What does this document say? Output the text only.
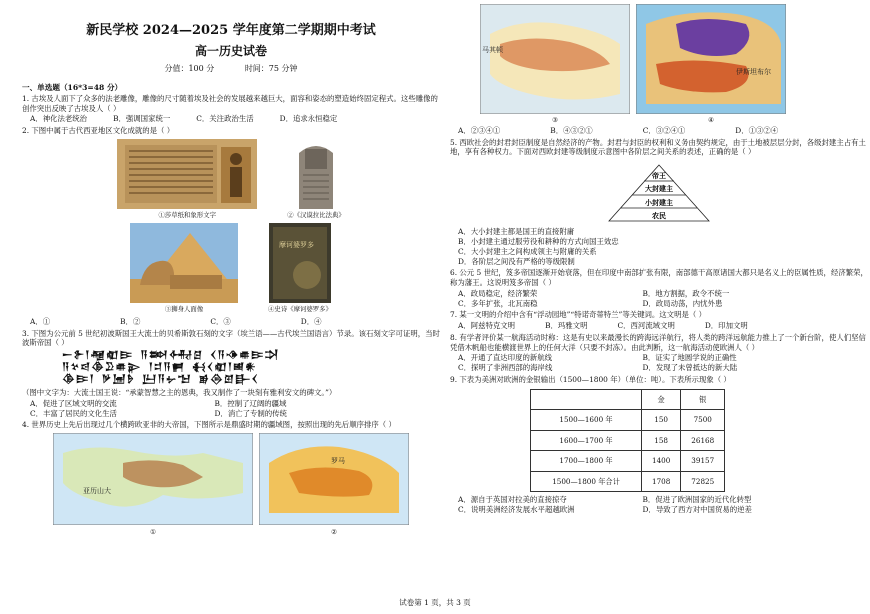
新民学校 2024—2025 学年度第二学期期中考试
高一历史试卷
分值：100 分	时间：75 分钟
一、单选题（16*3=48 分）
1. 古埃及人面下了众多的法老雕像，雕像的尺寸随着埃及社会的发展越来越巨大，面容和姿态的塑造始终固定程式。这些雕像的创作突出反映了古埃及人（ ）
A．神化法老统治	B．强调国家统一	C．关注政治生活	D．追求永恒稳定
2. 下图中属于古代西亚地区文化成就的是（ ）
①莎草纸和象形文字	②《汉谟拉比法典》
③狮身人面像
摩诃婆罗多
④史诗《摩诃婆罗多》
A．①	B．②	C．③	D．④
3. 下图为公元前 5 世纪初波斯国王大流士的贝希斯敦石刻的文字（埃兰语——古代埃兰国语言）节录。该石刻文字可证明，当时波斯帝国（ ）
𒀸𒉿𒁹𒆷𒊏𒄿 𒀀𒇷𒅈𒆪 𒌋𒀀𒈾𒌑𒄿𒋫
𒀀𒆳𒁀𒆠𒊒𒌑𒉌 𒁹𒄑𒀀𒂍 𒈬𒌋𒊏𒁹𒅖𒀭
𒆠𒄿𒁹 𒃻𒅁𒊩 𒌨𒀀𒉡𒈠 𒂊𒁲𒇻𒃲𒌋
（图中文字为：大流士国王说：“承蒙智慧之主的恩典，我又制作了一块刻有雅利安文的碑文。”）
A．促进了区域文明的交流	B．控制了辽阔的疆域
C．丰富了居民的文化生活	D．消亡了专制的传统
4. 世界历史上先后出现过几个横跨欧亚非的大帝国，下图所示是鼎盛时期的疆域图，按照出现的先后顺序排序（ ）
亚历山大
①
罗马
②
马其顿
③
伊斯坦布尔
④
A．②③④①	B．④③②①	C．③②④①	D．①③②④
5. 西欧社会的封君封臣制度是自然经济的产物。封君与封臣的权利和义务由契约规定，由于土地被层层分封，各级封建主占有土地，享有各种权力。下面对西欧封建等级制度示意图中各阶层之间关系的表述，正确的是（ ）
帝王
大封建主
小封建主
农民
A．大小封建主都是国王的直接附庸
B．小封建主通过服劳役和耕种的方式向国王效忠
C．大小封建主之间构成领主与附庸的关系
D．各阶层之间没有严格的等级限制
6. 公元 5 世纪，笈多帝国逐渐开始衰落，但在印度中南部扩张有限，南部德干高原诸国大都只是名义上的臣属性质，经济繁荣，称为藩王。这说明笈多帝国（ ）
A．政局稳定，经济繁荣	B．地方割据，政令不统一
C．多年扩张，北瓦南稳	D．政局动荡，内忧外患
7. 某一文明的介绍中含有“浮动园地”“特诺奇蒂特兰”等关键词。这文明是（ ）
A．阿兹特克文明	B．玛雅文明	C．西河流域文明	D．印加文明
8. 有学者评价某一航海活动时称：这是有史以来最漫长的跨海远洋航行，将人类的跨洋远航能力推上了一个新台阶，使人们坚信凭借木帆船也能横渡世界上的任何大洋（只要不封冻）。由此判断，这一航海活动使欧洲人（ ）
A．开通了直达印度的新航线	B．证实了地圆学说的正确性
C．探明了非洲西部的海岸线	D．发现了未曾抵达的新大陆
9. 下表为美洲对欧洲的金银输出（1500—1800 年）（单位：吨）。下表所示现象（ ）
	金	银
1500—1600 年	150	7500
1600—1700 年	158	26168
1700—1800 年	1400	39157
1500—1800 年合计	1708	72825
A．源自于英国对拉美的直接掠夺	B．促进了欧洲国家的近代化转型
C．说明美洲经济发展水平超越欧洲	D．导致了西方对中国贸易的逆差
试卷第 1 页，共 3 页
